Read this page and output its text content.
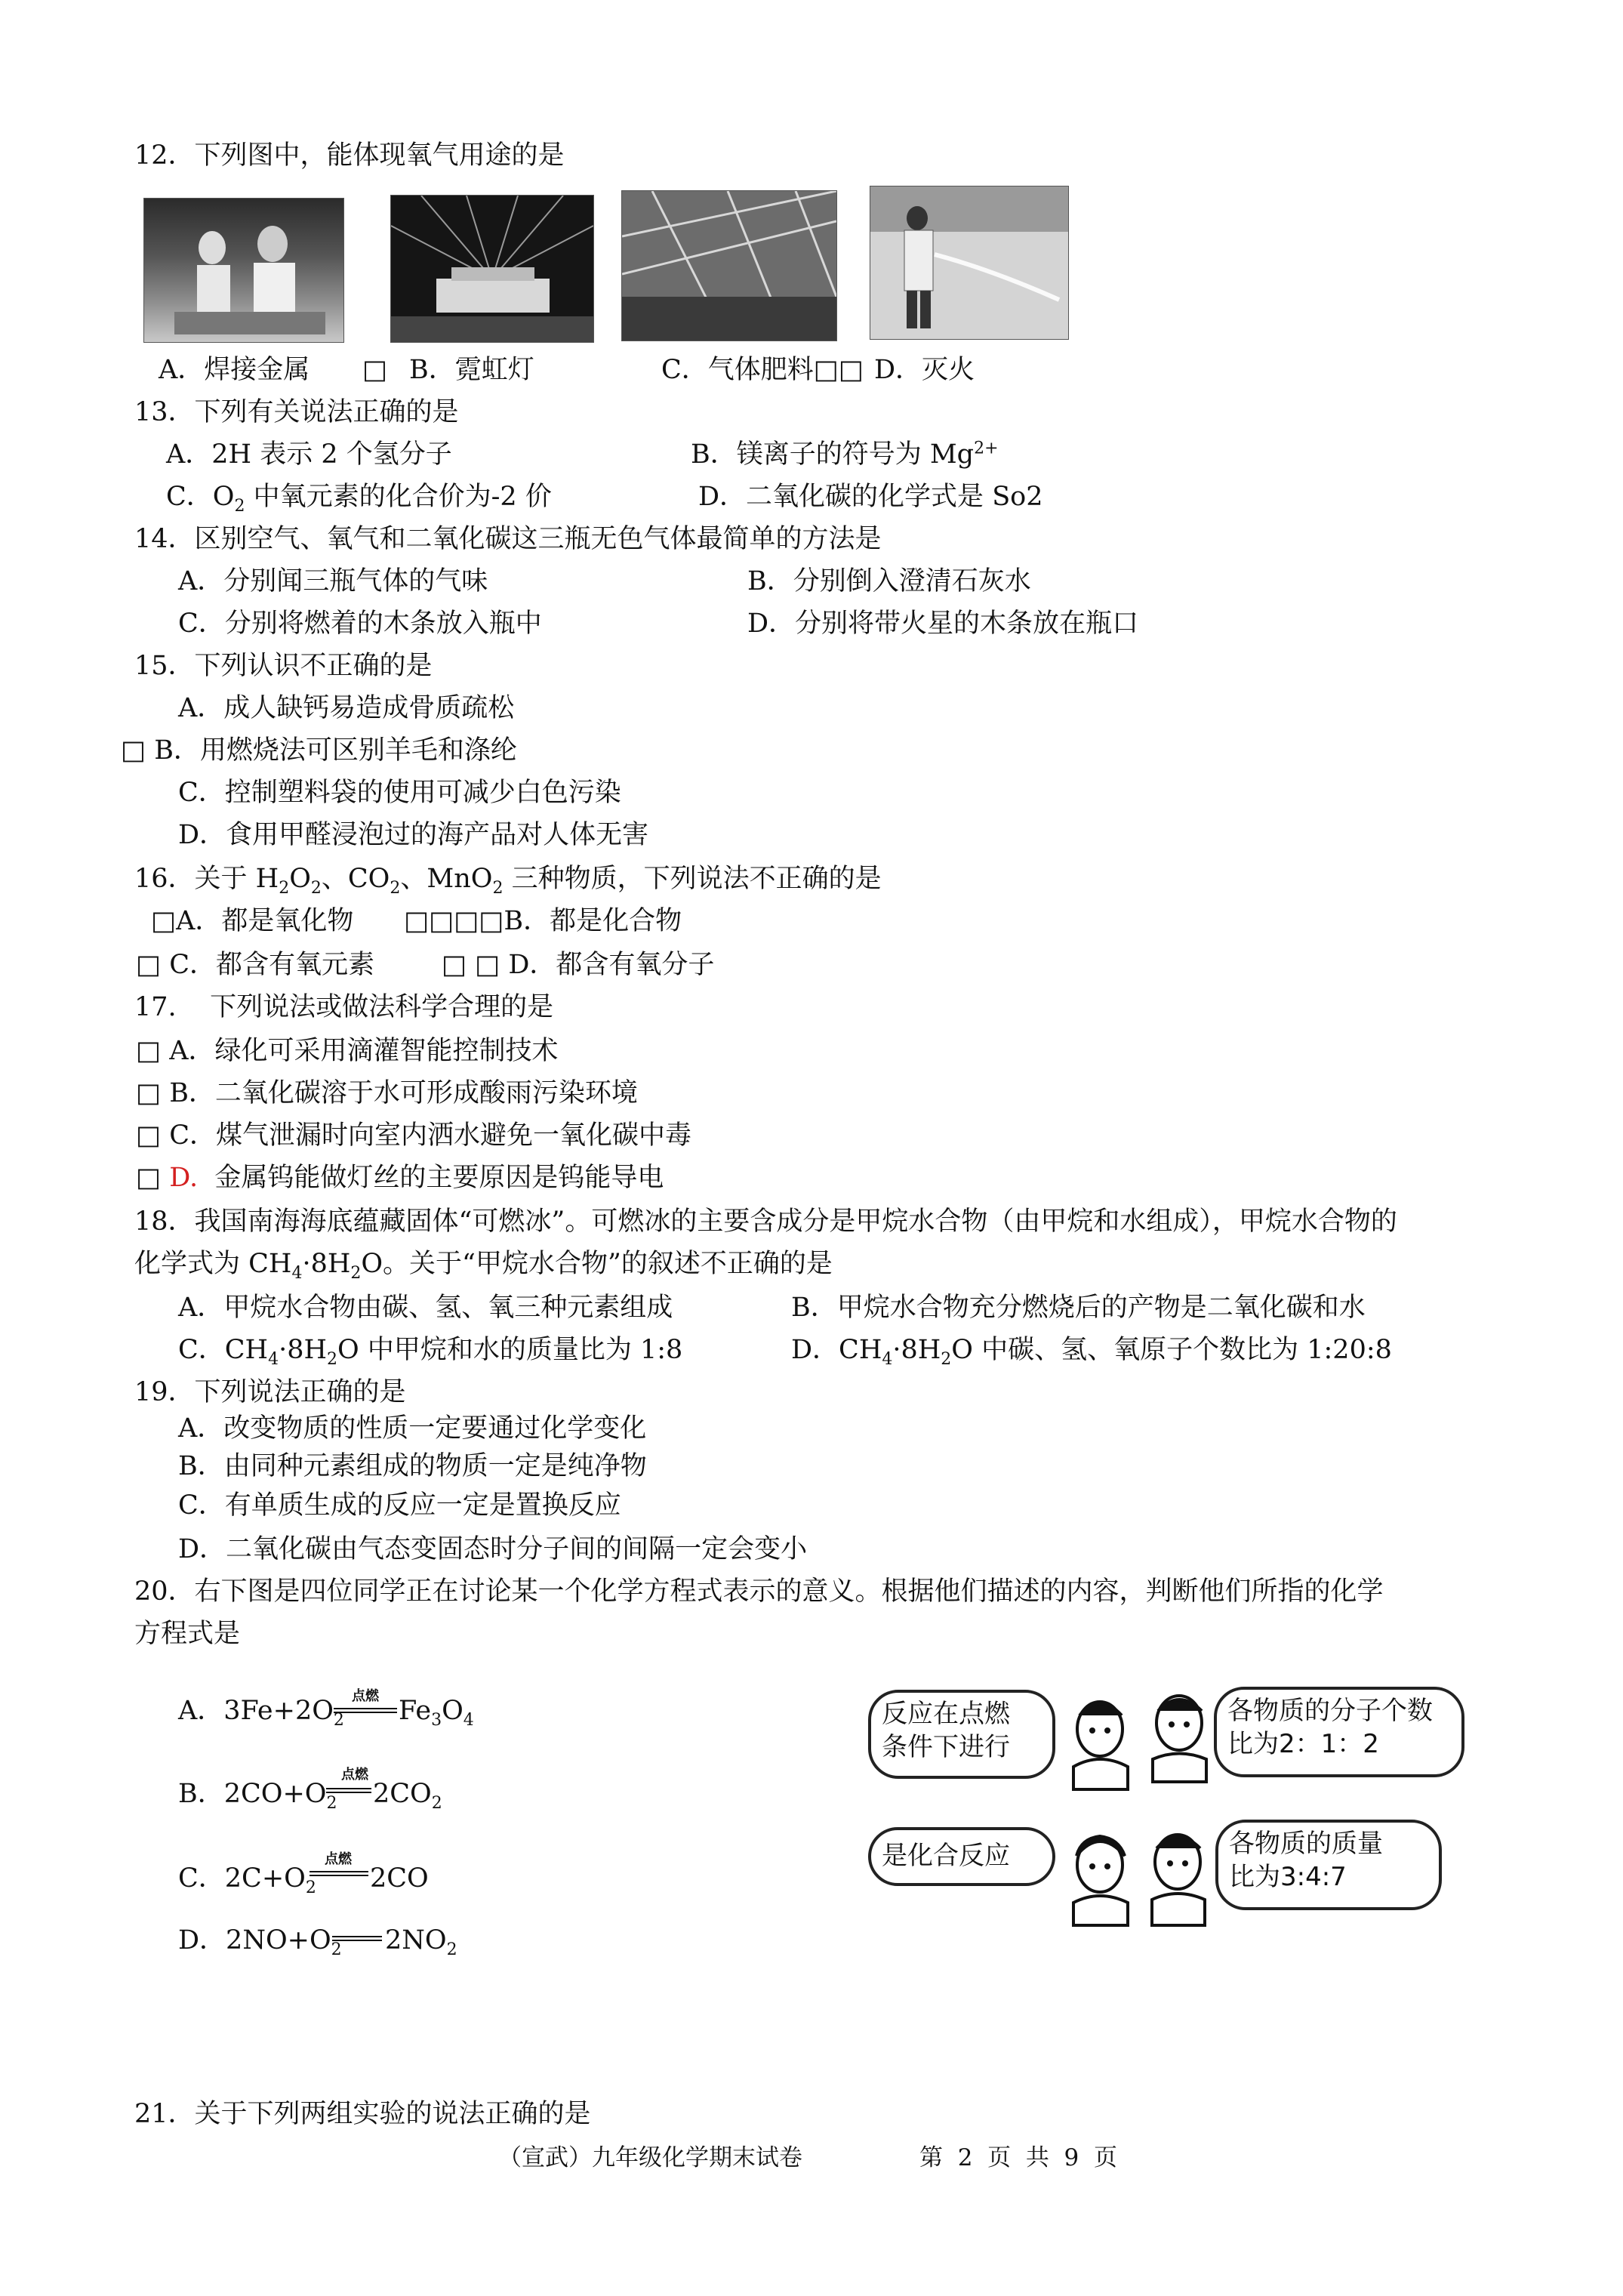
12．下列图中，能体现氧气用途的是
A．焊接金属 □ B．霓虹灯	C．气体肥料□□ D．灭火
13．下列有关说法正确的是
A．2H 表示 2 个氢分子	B．镁离子的符号为 $Mg^{2+}$
C．$O_2$ 中氧元素的化合价为-2 价	D．二氧化碳的化学式是 So2
14．区别空气、氧气和二氧化碳这三瓶无色气体最简单的方法是
A．分别闻三瓶气体的气味	B．分别倒入澄清石灰水
C．分别将燃着的木条放入瓶中	D．分别将带火星的木条放在瓶口
15．下列认识不正确的是
A．成人缺钙易造成骨质疏松
□ B．用燃烧法可区别羊毛和涤纶
C．控制塑料袋的使用可减少白色污染
D．食用甲醛浸泡过的海产品对人体无害
16．关于 $H_2O_2$、$CO_2$、MnO$_2$ 三种物质，下列说法不正确的是
□A．都是氧化物      □□□□B．都是化合物
□ C．都含有氧元素        □ □ D．都含有氧分子
17.    下列说法或做法科学合理的是
□ A．绿化可采用滴灌智能控制技术
□ B．二氧化碳溶于水可形成酸雨污染环境
□ C．煤气泄漏时向室内洒水避免一氧化碳中毒
□ D.  金属钨能做灯丝的主要原因是钨能导电
18．我国南海海底蕴藏固体“可燃冰”。可燃冰的主要含成分是甲烷水合物（由甲烷和水组成），甲烷水合物的
化学式为 $CH_4\cdot 8H_2O$。关于“甲烷水合物”的叙述不正确的是
A．甲烷水合物由碳、氢、氧三种元素组成	B．甲烷水合物充分燃烧后的产物是二氧化碳和水
C．$CH_4\cdot 8H_2O$ 中甲烷和水的质量比为 1:8	D．$CH_4\cdot 8H_2O$ 中碳、氢、氧原子个数比为 1:20:8
19．下列说法正确的是
A．改变物质的性质一定要通过化学变化
B．由同种元素组成的物质一定是纯净物
C．有单质生成的反应一定是置换反应
D．二氧化碳由气态变固态时分子间的间隔一定会变小
20．右下图是四位同学正在讨论某一个化学方程式表示的意义。根据他们描述的内容，判断他们所指的化学
方程式是
A．$3Fe+2O_2$
点燃 $Fe_3O_4$
B．$2CO+O_2$
点燃
$2CO_2$
C．$2C+O_2$
点燃
2CO
D．$2NO+O_2$ $2NO_2$
反应在点燃
条件下进行
各物质的分子个数
比为2：1：2
是化合反应	各物质的质量
比为3:4:7
21．关于下列两组实验的说法正确的是
（宣武）九年级化学期末试卷	第  2  页  共  9  页
